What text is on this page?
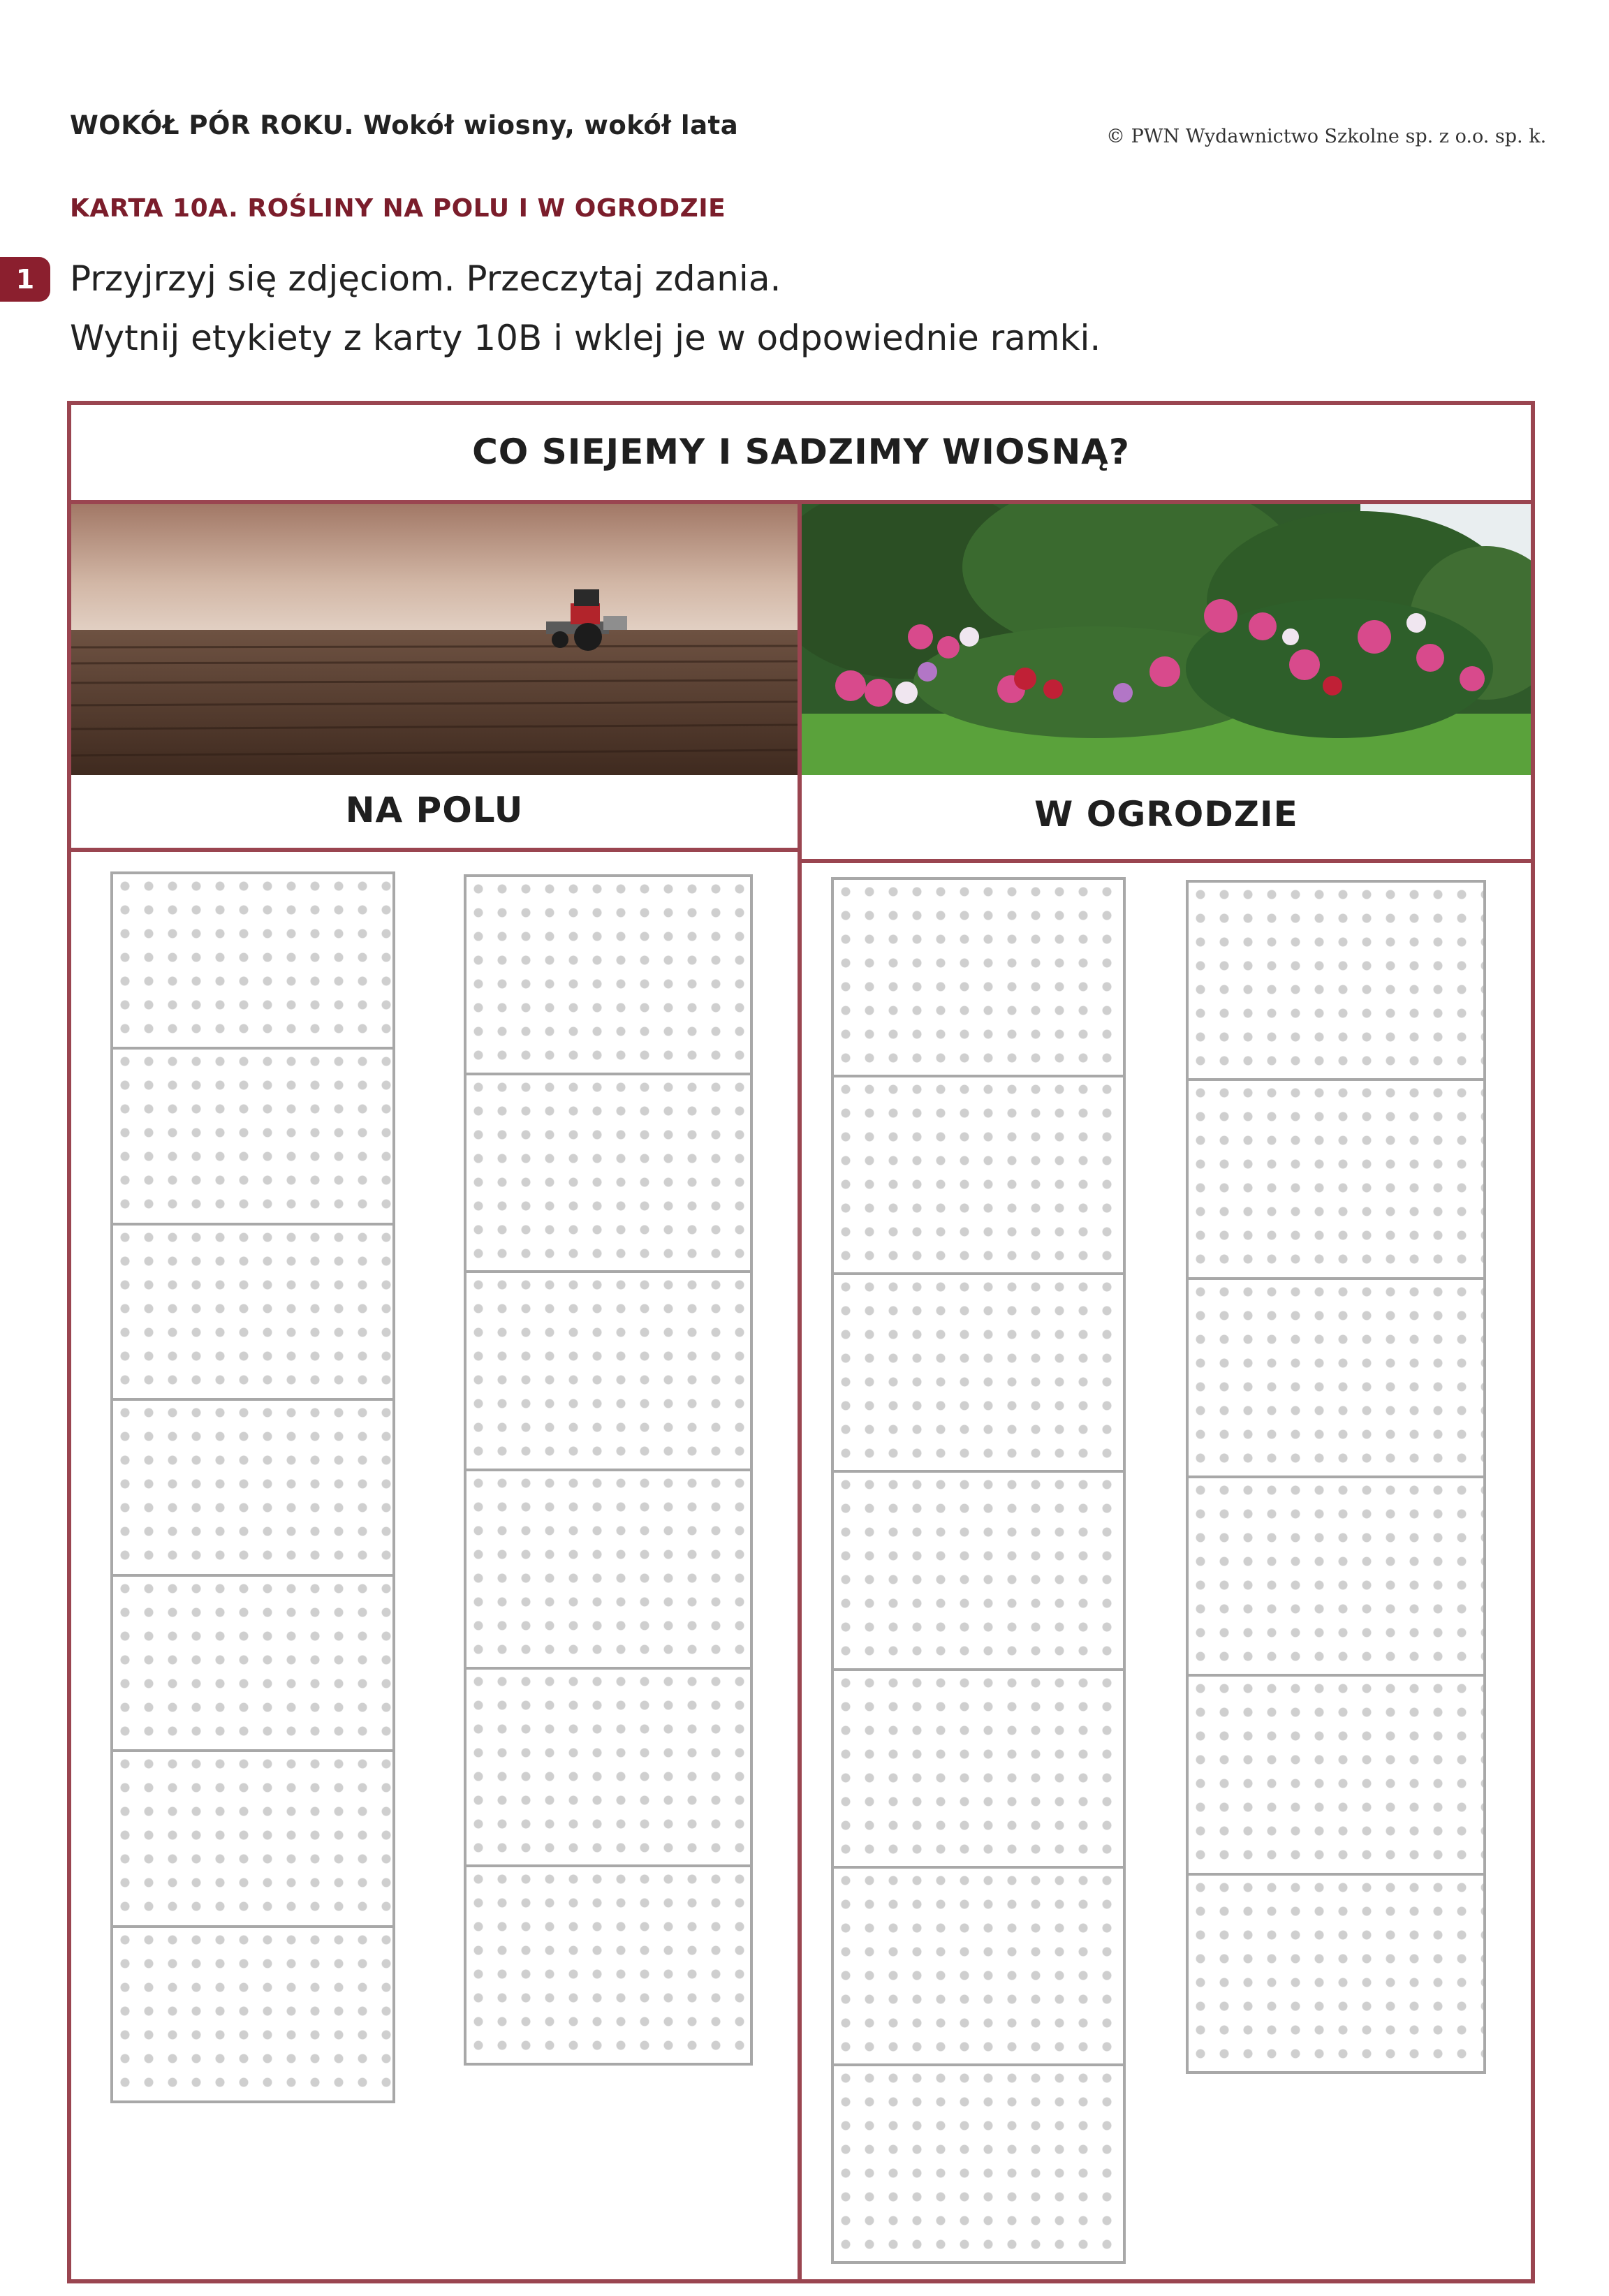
WOKÓŁ PÓR ROKU. Wokół wiosny, wokół lata	© PWN Wydawnictwo Szkolne sp. z o.o. sp. k.
KARTA 10A. ROŚLINY NA POLU I W OGRODZIE
1	Przyjrzyj się zdjęciom. Przeczytaj zdania.
Wytnij etykiety z karty 10B i wklej je w odpowiednie ramki.
CO SIEJEMY I SADZIMY WIOSNĄ?
NA POLU	W OGRODZIE
